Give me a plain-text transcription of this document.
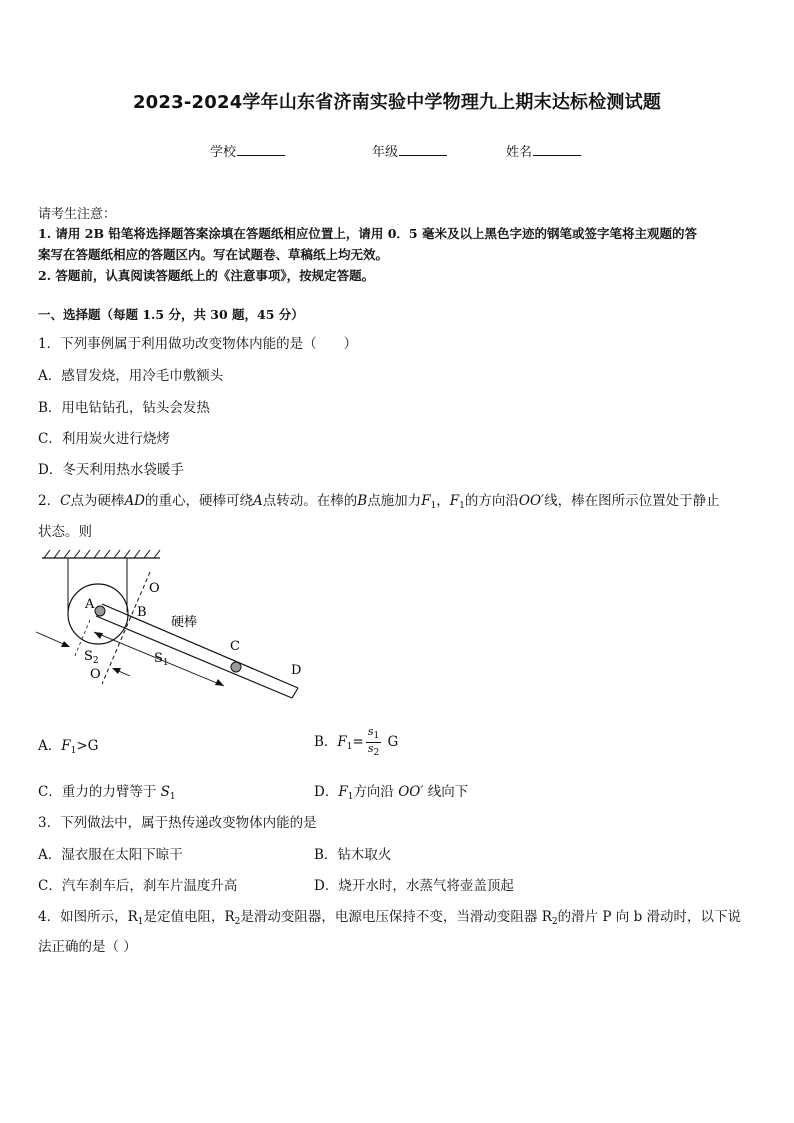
2023-2024学年山东省济南实验中学物理九上期末达标检测试题
学校	年级	姓名
请考生注意：
1. 请用 2B 铅笔将选择题答案涂填在答题纸相应位置上，请用 0．5 毫米及以上黑色字迹的钢笔或签字笔将主观题的答
案写在答题纸相应的答题区内。写在试题卷、草稿纸上均无效。
2. 答题前，认真阅读答题纸上的《注意事项》，按规定答题。
一、选择题（每题 1.5 分，共 30 题，45 分）
1．下列事例属于利用做功改变物体内能的是（　　）
A．感冒发烧，用冷毛巾敷额头
B．用电钻钻孔，钻头会发热
C．利用炭火进行烧烤
D．冬天利用热水袋暖手
2．C点为硬棒AD的重心，硬棒可绕A点转动。在棒的B点施加力$F_1$，$F_1$的方向沿OO′线，棒在图所示位置处于静止
状态。则
O
A
B
硬棒
C
D
$S_2$	$S_1$
O
A．$F_1>G$	B．$F_1= \frac{s_1}{s_2}$ G
C．重力的力臂等于 $S_1$	D．$F_1$方向沿 OO′ 线向下
3．下列做法中，属于热传递改变物体内能的是
A．湿衣服在太阳下晾干	B．钻木取火
C．汽车刹车后，刹车片温度升高	D．烧开水时，水蒸气将壶盖顶起
4．如图所示，$R_1$是定值电阻，$R_2$是滑动变阻器，电源电压保持不变，当滑动变阻器 $R_2$的滑片 P 向 b 滑动时，以下说
法正确的是（ ）
